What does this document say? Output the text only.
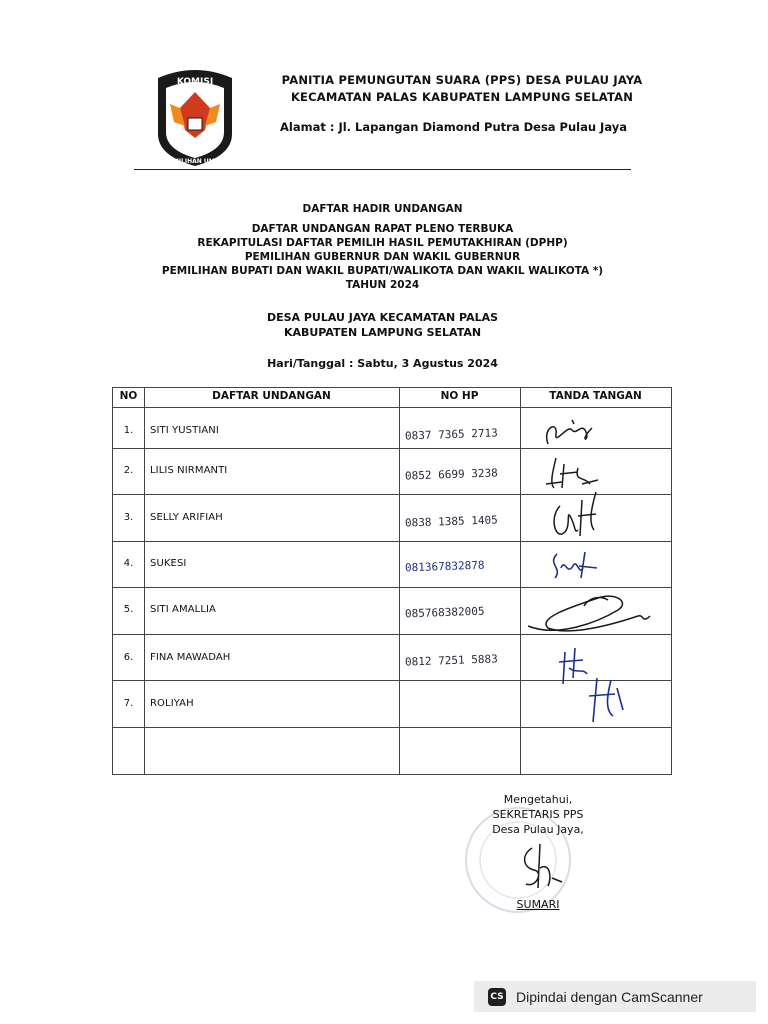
KOMISI
PEMILIHAN UMUM
PANITIA PEMUNGUTAN SUARA (PPS) DESA PULAU JAYA
KECAMATAN PALAS KABUPATEN LAMPUNG SELATAN
Alamat : Jl. Lapangan Diamond Putra Desa Pulau Jaya
DAFTAR HADIR UNDANGAN
DAFTAR UNDANGAN RAPAT PLENO TERBUKA
REKAPITULASI DAFTAR PEMILIH HASIL PEMUTAKHIRAN (DPHP)
PEMILIHAN GUBERNUR DAN WAKIL GUBERNUR
PEMILIHAN BUPATI DAN WAKIL BUPATI/WALIKOTA DAN WAKIL WALIKOTA *)
TAHUN 2024
DESA PULAU JAYA KECAMATAN PALAS
KABUPATEN LAMPUNG SELATAN
Hari/Tanggal : Sabtu, 3 Agustus 2024
NO	DAFTAR UNDANGAN	NO HP	TANDA TANGAN
1.	SITI YUSTIANI	0837 7365 2713
2.	LILIS NIRMANTI	0852 6699 3238
3.	SELLY ARIFIAH	0838 1385 1405
4.	SUKESI	081367832878
5.	SITI AMALLIA	085768382005
6.	FINA MAWADAH	0812 7251 5883
7.	ROLIYAH
Mengetahui,
SEKRETARIS PPS
Desa Pulau Jaya,
SUMARI
CS Dipindai dengan CamScanner
